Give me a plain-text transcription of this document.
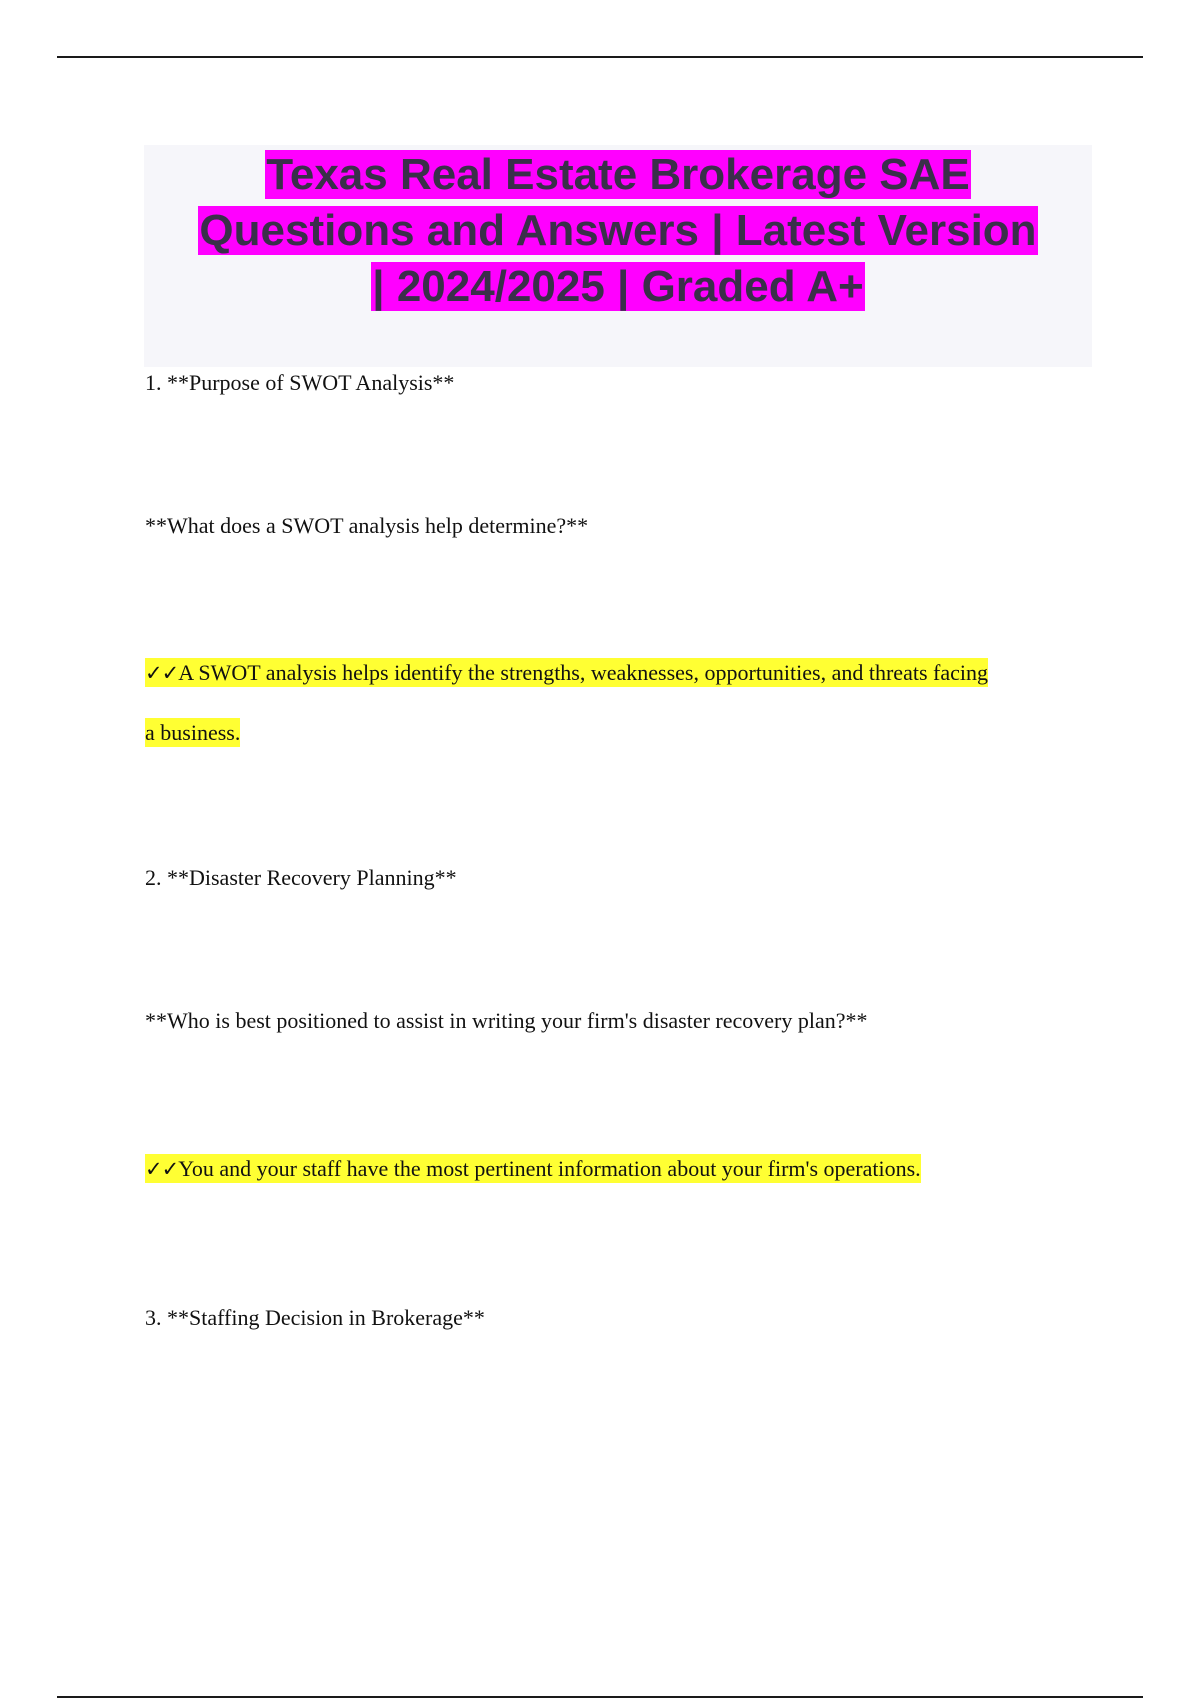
Texas Real Estate Brokerage SAE
Questions and Answers | Latest Version
| 2024/2025 | Graded A+

1. **Purpose of SWOT Analysis**

**What does a SWOT analysis help determine?**

✓✓A SWOT analysis helps identify the strengths, weaknesses, opportunities, and threats facing

a business.

2. **Disaster Recovery Planning**

**Who is best positioned to assist in writing your firm's disaster recovery plan?**

✓✓You and your staff have the most pertinent information about your firm's operations.

3. **Staffing Decision in Brokerage**
